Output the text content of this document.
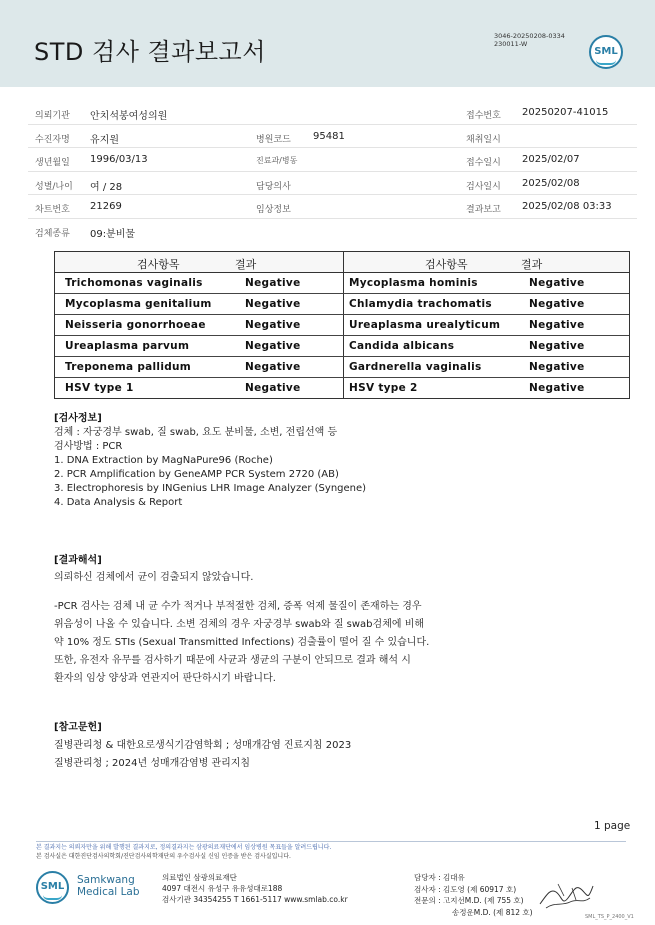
STD 검사 결과보고서
3046-20250208-0334
230011-W
SML
의뢰기관 안치석봉여성의원	접수번호 20250207-41015
수진자명 유지원	병원코드 95481	채취일시
생년월일 1996/03/13	진료과/병동	접수일시 2025/02/07
성별/나이 여 / 28	담당의사	검사일시 2025/02/08
차트번호 21269	임상정보	결과보고 2025/02/08 03:33
검체종류 09:분비물
검사항목	결과	검사항목	결과
Trichomonas vaginalis	Negative	Mycoplasma hominis	Negative
Mycoplasma genitalium	Negative	Chlamydia trachomatis	Negative
Neisseria gonorrhoeae	Negative	Ureaplasma urealyticum	Negative
Ureaplasma parvum	Negative	Candida albicans	Negative
Treponema pallidum	Negative	Gardnerella vaginalis	Negative
HSV type 1	Negative	HSV type 2	Negative
[검사정보]
검체 : 자궁경부 swab, 질 swab, 요도 분비물, 소변, 전립선액 등
검사방법 : PCR
1. DNA Extraction by MagNaPure96 (Roche)
2. PCR Amplification by GeneAMP PCR System 2720 (AB)
3. Electrophoresis by INGenius LHR Image Analyzer (Syngene)
4. Data Analysis & Report
[결과해석]
의뢰하신 검체에서 균이 검출되지 않았습니다.
-PCR 검사는 검체 내 균 수가 적거나 부적절한 검체, 증폭 억제 물질이 존재하는 경우
위음성이 나올 수 있습니다. 소변 검체의 경우 자궁경부 swab와 질 swab검체에 비해
약 10% 정도 STIs (Sexual Transmitted Infections) 검출률이 떨어 질 수 있습니다.
또한, 유전자 유무를 검사하기 때문에 사균과 생균의 구분이 안되므로 결과 해석 시
환자의 임상 양상과 연관지어 판단하시기 바랍니다.
[참고문헌]
질병관리청 & 대한요로생식기감염학회 ; 성매개감염 진료지침 2023
질병관리청 ; 2024년 성매개감염병 관리지침
1 page
본 결과지는 의뢰자만을 위해 발행된 결과지로, 정의결과지는 삼광의료재단에서 임상병원 목표들을 알려드립니다.
본 검사실은 대한진단검사의학회/진단검사의학재단의 우수검사실 신임 인증을 받은 검사실입니다.
SML
Samkwang
Medical Lab
의료법인 삼광의료재단
4097 대전시 유성구 유유성대로188
검사기관 34354255 T 1661-5117 www.smlab.co.kr
담당자 : 김대유
검사자 : 김도영 (제 60917 호)
전문의 : 고지선M.D. (제 755 호)
송정운M.D. (제 812 호)
SML_TS_P_2400_V1
